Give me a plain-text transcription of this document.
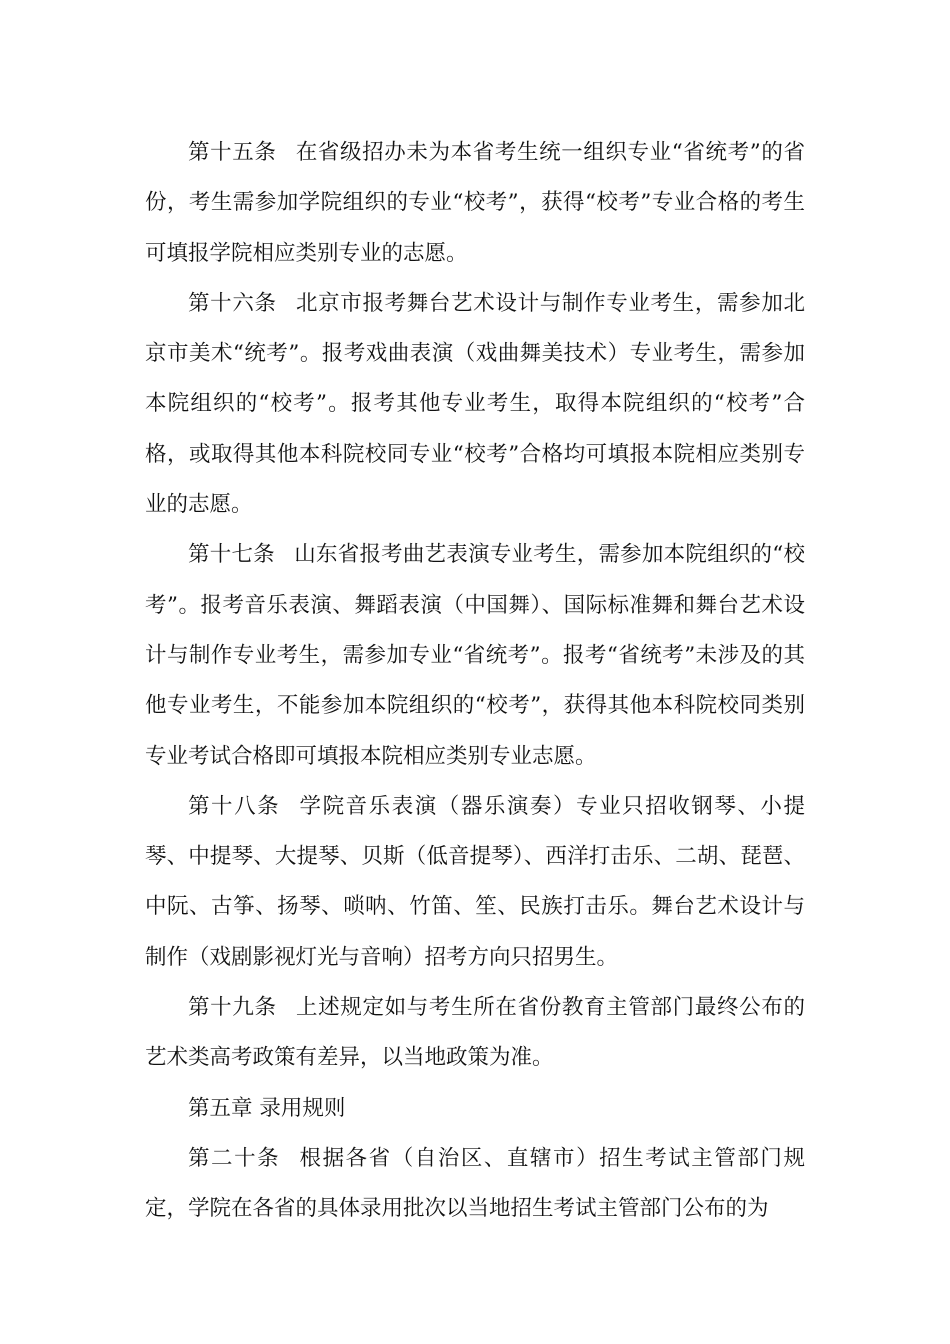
第十五条 在省级招办未为本省考生统一组织专业“省统考”的省份，考生需参加学院组织的专业“校考”，获得“校考”专业合格的考生可填报学院相应类别专业的志愿。

第十六条 北京市报考舞台艺术设计与制作专业考生，需参加北京市美术“统考”。报考戏曲表演（戏曲舞美技术）专业考生，需参加本院组织的“校考”。报考其他专业考生，取得本院组织的“校考”合格，或取得其他本科院校同专业“校考”合格均可填报本院相应类别专业的志愿。

第十七条 山东省报考曲艺表演专业考生，需参加本院组织的“校考”。报考音乐表演、舞蹈表演（中国舞）、国际标准舞和舞台艺术设计与制作专业考生，需参加专业“省统考”。报考“省统考”未涉及的其他专业考生，不能参加本院组织的“校考”，获得其他本科院校同类别专业考试合格即可填报本院相应类别专业志愿。

第十八条 学院音乐表演（器乐演奏）专业只招收钢琴、小提琴、中提琴、大提琴、贝斯（低音提琴）、西洋打击乐、二胡、琵琶、中阮、古筝、扬琴、唢呐、竹笛、笙、民族打击乐。舞台艺术设计与制作（戏剧影视灯光与音响）招考方向只招男生。

第十九条 上述规定如与考生所在省份教育主管部门最终公布的艺术类高考政策有差异，以当地政策为准。

第五章 录用规则

第二十条 根据各省（自治区、直辖市）招生考试主管部门规定，学院在各省的具体录用批次以当地招生考试主管部门公布的为
